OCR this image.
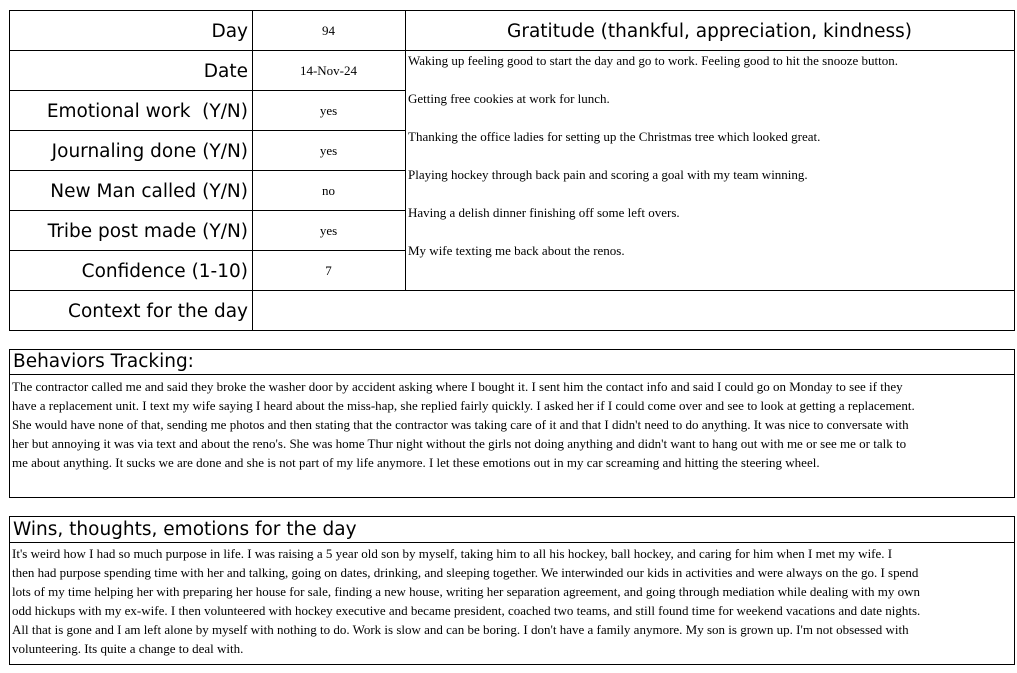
Day	94
Date	14-Nov-24
Emotional work  (Y/N)	yes
Journaling done (Y/N)	yes
New Man called (Y/N)	no
Tribe post made (Y/N)	yes
Confidence (1-10)	7
Context for the day
Gratitude (thankful, appreciation, kindness)
Waking up feeling good to start the day and go to work. Feeling good to hit the snooze button.
Getting free cookies at work for lunch.
Thanking the office ladies for setting up the Christmas tree which looked great.
Playing hockey through back pain and scoring a goal with my team winning.
Having a delish dinner finishing off some left overs.
My wife texting me back about the renos.
Behaviors Tracking:
The contractor called me and said they broke the washer door by accident asking where I bought it. I sent him the contact info and said I could go on Monday to see if they
have a replacement unit. I text my wife saying I heard about the miss-hap, she replied fairly quickly. I asked her if I could come over and see to look at getting a replacement.
She would have none of that, sending me photos and then stating that the contractor was taking care of it and that I didn't need to do anything. It was nice to conversate with
her but annoying it was via text and about the reno's. She was home Thur night without the girls not doing anything and didn't want to hang out with me or see me or talk to
me about anything. It sucks we are done and she is not part of my life anymore. I let these emotions out in my car screaming and hitting the steering wheel.
Wins, thoughts, emotions for the day
It's weird how I had so much purpose in life. I was raising a 5 year old son by myself, taking him to all his hockey, ball hockey, and caring for him when I met my wife. I
then had purpose spending time with her and talking, going on dates, drinking, and sleeping together. We interwinded our kids in activities and were always on the go. I spend
lots of my time helping her with preparing her house for sale, finding a new house, writing her separation agreement, and going through mediation while dealing with my own
odd hickups with my ex-wife. I then volunteered with hockey executive and became president, coached two teams, and still found time for weekend vacations and date nights.
All that is gone and I am left alone by myself with nothing to do. Work is slow and can be boring. I don't have a family anymore. My son is grown up. I'm not obsessed with
volunteering. Its quite a change to deal with.
